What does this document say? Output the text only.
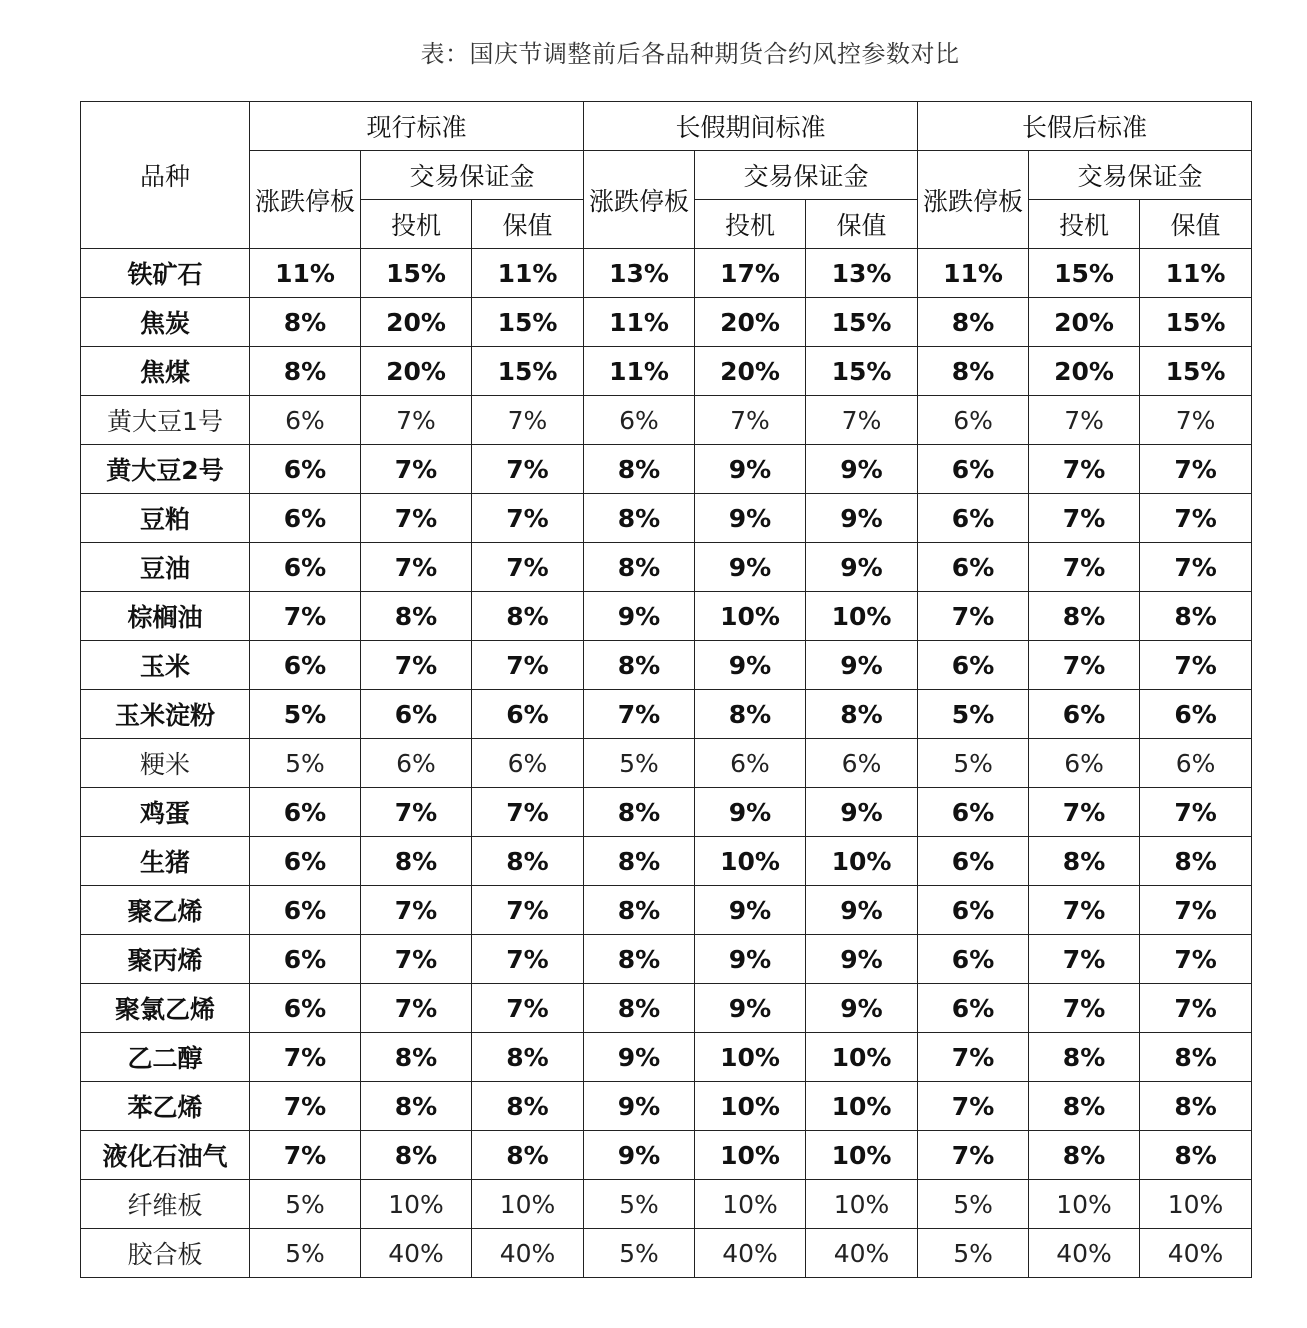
表：国庆节调整前后各品种期货合约风控参数对比
品种	现行标准			长假期间标准			长假后标准		
	涨跌停板	交易保证金		涨跌停板	交易保证金		涨跌停板	交易保证金	
		投机	保值		投机	保值		投机	保值
铁矿石	11%	15%	11%	13%	17%	13%	11%	15%	11%
焦炭	8%	20%	15%	11%	20%	15%	8%	20%	15%
焦煤	8%	20%	15%	11%	20%	15%	8%	20%	15%
黄大豆1号	6%	7%	7%	6%	7%	7%	6%	7%	7%
黄大豆2号	6%	7%	7%	8%	9%	9%	6%	7%	7%
豆粕	6%	7%	7%	8%	9%	9%	6%	7%	7%
豆油	6%	7%	7%	8%	9%	9%	6%	7%	7%
棕榈油	7%	8%	8%	9%	10%	10%	7%	8%	8%
玉米	6%	7%	7%	8%	9%	9%	6%	7%	7%
玉米淀粉	5%	6%	6%	7%	8%	8%	5%	6%	6%
粳米	5%	6%	6%	5%	6%	6%	5%	6%	6%
鸡蛋	6%	7%	7%	8%	9%	9%	6%	7%	7%
生猪	6%	8%	8%	8%	10%	10%	6%	8%	8%
聚乙烯	6%	7%	7%	8%	9%	9%	6%	7%	7%
聚丙烯	6%	7%	7%	8%	9%	9%	6%	7%	7%
聚氯乙烯	6%	7%	7%	8%	9%	9%	6%	7%	7%
乙二醇	7%	8%	8%	9%	10%	10%	7%	8%	8%
苯乙烯	7%	8%	8%	9%	10%	10%	7%	8%	8%
液化石油气	7%	8%	8%	9%	10%	10%	7%	8%	8%
纤维板	5%	10%	10%	5%	10%	10%	5%	10%	10%
胶合板	5%	40%	40%	5%	40%	40%	5%	40%	40%
